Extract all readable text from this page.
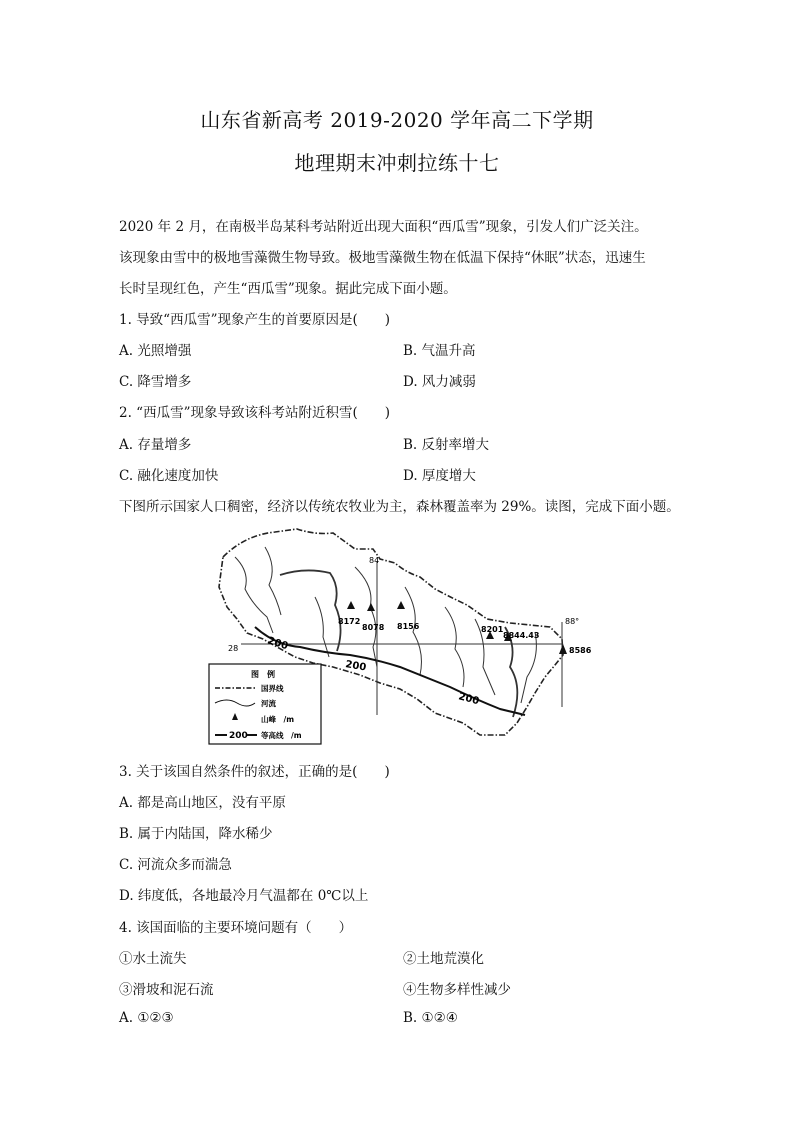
山东省新高考 2019-2020 学年高二下学期
地理期末冲刺拉练十七
2020 年 2 月，在南极半岛某科考站附近出现大面积“西瓜雪”现象，引发人们广泛关注。
该现象由雪中的极地雪藻微生物导致。极地雪藻微生物在低温下保持“休眠”状态，迅速生
长时呈现红色，产生“西瓜雪”现象。据此完成下面小题。
1. 导致“西瓜雪”现象产生的首要原因是(　　)
A. 光照增强	B. 气温升高
C. 降雪增多	D. 风力减弱
2. “西瓜雪”现象导致该科考站附近积雪(　　)
A. 存量增多	B. 反射率增大
C. 融化速度加快	D. 厚度增大
下图所示国家人口稠密，经济以传统农牧业为主，森林覆盖率为 29%。读图，完成下面小题。
84
88°
28	200
200
200
8172
8078 8156	8201
8844.43
8586
图　例
国界线
河流
山峰　/m
200 等高线　/m
3. 关于该国自然条件的叙述，正确的是(　　)
A. 都是高山地区，没有平原
B. 属于内陆国，降水稀少
C. 河流众多而湍急
D. 纬度低，各地最冷月气温都在 0℃以上
4. 该国面临的主要环境问题有（　　）
①水土流失	②土地荒漠化
③滑坡和泥石流	④生物多样性减少
A. ①②③	B. ①②④
